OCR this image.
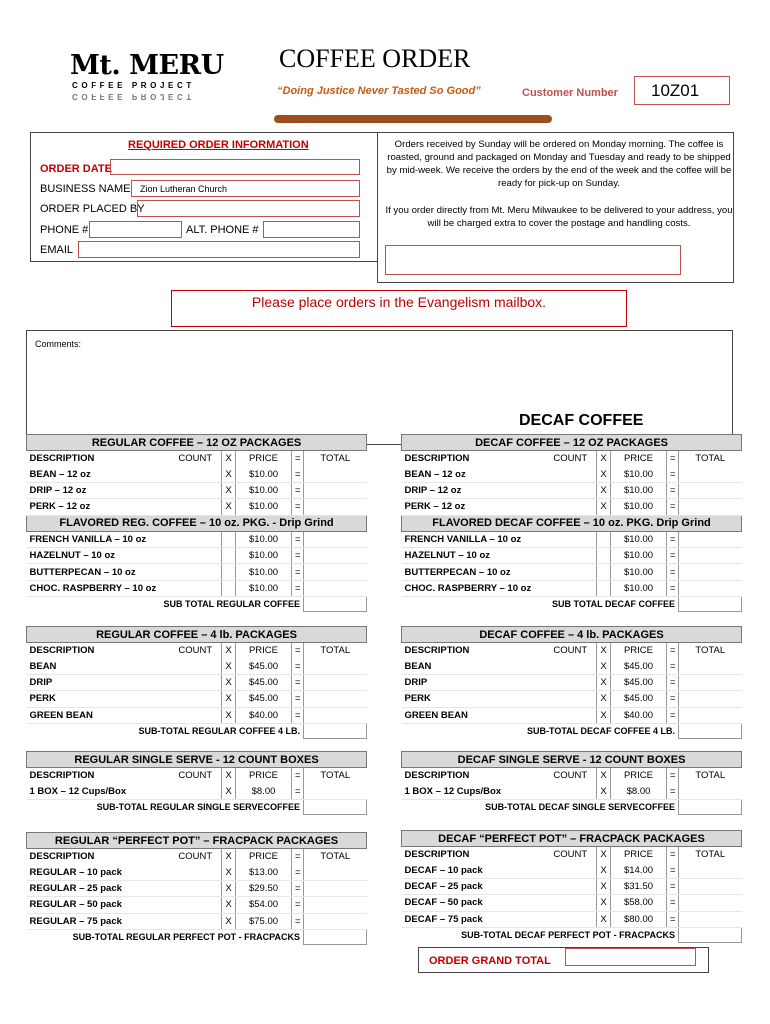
Mt. MERU
COFFEE PROJECT
COFFEE PROJECT
COFFEE ORDER
“Doing Justice Never Tasted So Good”	Customer Number	10Z01
REQUIRED ORDER INFORMATION
ORDER DATE
BUSINESS NAME	Zion Lutheran Church
ORDER PLACED BY
PHONE #	ALT. PHONE #
EMAIL
Orders received by Sunday will be ordered on Monday morning. The coffee is roasted, ground and packaged on Monday and Tuesday and ready to be shipped by mid-week. We receive the orders by the end of the week and the coffee will be ready for pick-up on Sunday.
If you order directly from Mt. Meru Milwaukee to be delivered to your address, you will be charged extra to cover the postage and handling costs.
Please place orders in the Evangelism mailbox.
Comments:
DECAF COFFEE
REGULAR COFFEE – 12 OZ PACKAGES					
DESCRIPTION	COUNT	X	PRICE	=	TOTAL
BEAN – 12 oz		X	$10.00	=	
DRIP – 12 oz		X	$10.00	=	
PERK – 12 oz		X	$10.00	=	
FLAVORED REG. COFFEE – 10 oz. PKG. - Drip Grind					
FRENCH VANILLA – 10 oz			$10.00	=	
HAZELNUT – 10 oz			$10.00	=	
BUTTERPECAN – 10 oz			$10.00	=	
CHOC. RASPBERRY – 10 oz			$10.00	=	
SUB TOTAL REGULAR COFFEE					
DECAF COFFEE – 12 OZ PACKAGES					
DESCRIPTION	COUNT	X	PRICE	=	TOTAL
BEAN – 12 oz		X	$10.00	=	
DRIP – 12 oz		X	$10.00	=	
PERK – 12 oz		X	$10.00	=	
FLAVORED DECAF COFFEE – 10 oz. PKG. Drip Grind					
FRENCH VANILLA – 10 oz			$10.00	=	
HAZELNUT – 10 oz			$10.00	=	
BUTTERPECAN – 10 oz			$10.00	=	
CHOC. RASPBERRY – 10 oz			$10.00	=	
SUB TOTAL DECAF COFFEE					
REGULAR COFFEE – 4 lb. PACKAGES					
DESCRIPTION	COUNT	X	PRICE	=	TOTAL
BEAN		X	$45.00	=	
DRIP		X	$45.00	=	
PERK		X	$45.00	=	
GREEN BEAN		X	$40.00	=	
SUB-TOTAL REGULAR COFFEE 4 LB.					
DECAF COFFEE – 4 lb. PACKAGES					
DESCRIPTION	COUNT	X	PRICE	=	TOTAL
BEAN		X	$45.00	=	
DRIP		X	$45.00	=	
PERK		X	$45.00	=	
GREEN BEAN		X	$40.00	=	
SUB-TOTAL DECAF COFFEE 4 LB.					
REGULAR SINGLE SERVE - 12 COUNT BOXES					
DESCRIPTION	COUNT	X	PRICE	=	TOTAL
1 BOX – 12 Cups/Box		X	$8.00	=	
SUB-TOTAL REGULAR SINGLE SERVECOFFEE					
DECAF SINGLE SERVE - 12 COUNT BOXES					
DESCRIPTION	COUNT	X	PRICE	=	TOTAL
1 BOX – 12 Cups/Box		X	$8.00	=	
SUB-TOTAL DECAF SINGLE SERVECOFFEE					
REGULAR “PERFECT POT” – FRACPACK PACKAGES					
DESCRIPTION	COUNT	X	PRICE	=	TOTAL
REGULAR – 10 pack		X	$13.00	=	
REGULAR – 25 pack		X	$29.50	=	
REGULAR – 50 pack		X	$54.00	=	
REGULAR – 75 pack		X	$75.00	=	
SUB-TOTAL REGULAR PERFECT POT - FRACPACKS					
DECAF “PERFECT POT” – FRACPACK PACKAGES					
DESCRIPTION	COUNT	X	PRICE	=	TOTAL
DECAF – 10 pack		X	$14.00	=	
DECAF – 25 pack		X	$31.50	=	
DECAF – 50 pack		X	$58.00	=	
DECAF – 75 pack		X	$80.00	=	
SUB-TOTAL DECAF PERFECT POT - FRACPACKS					
ORDER GRAND TOTAL
